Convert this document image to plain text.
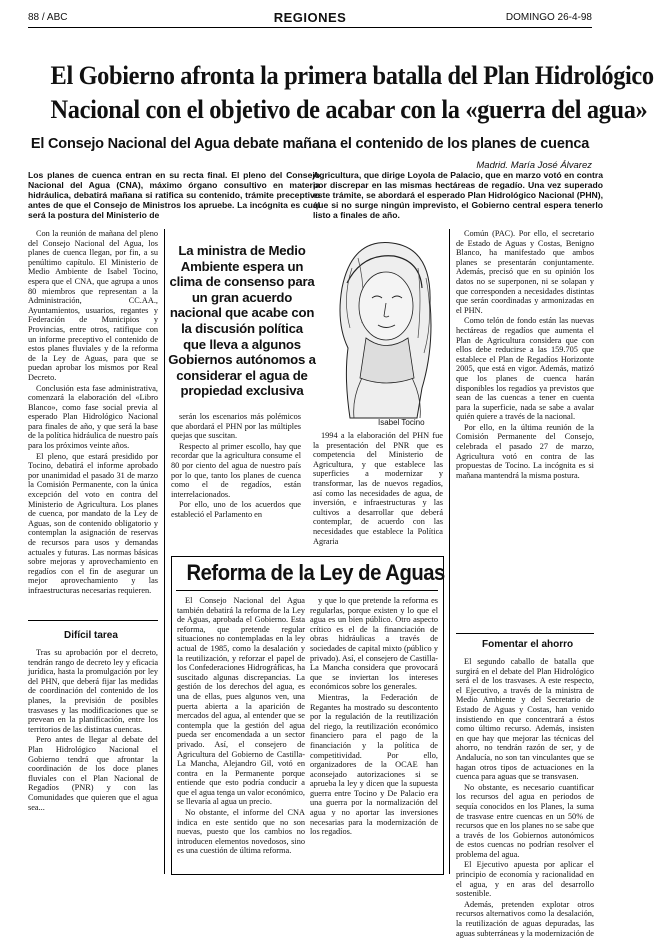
88 / ABC	REGIONES	DOMINGO 26-4-98
El Gobierno afronta la primera batalla del Plan Hidrológico
Nacional con el objetivo de acabar con la «guerra del agua»
El Consejo Nacional del Agua debate mañana el contenido de los planes de cuenca
Madrid. María José Álvarez
Los planes de cuenca entran en su recta final. El pleno del Consejo Nacional del Agua (CNA), máximo órgano consultivo en materia hidráulica, debatirá mañana si ratifica su contenido, trámite preceptivo antes de que el Consejo de Ministros los apruebe. La incógnita es cuál será la postura del Ministerio de
Agricultura, que dirige Loyola de Palacio, que en marzo votó en contra por discrepar en las mismas hectáreas de regadío. Una vez superado este trámite, se abordará el esperado Plan Hidrológico Nacional (PHN), que si no surge ningún imprevisto, el Gobierno central espera tenerlo listo a finales de año.

Con la reunión de mañana del pleno del Consejo Nacional del Agua, los planes de cuenca llegan, por fin, a su penúltimo capítulo. El Ministerio de Medio Ambiente de Isabel Tocino, espera que el CNA, que agrupa a unos 80 miembros que representan a la Administración, CC.AA., Ayuntamientos, usuarios, regantes y Federación de Municipios y Provincias, entre otros, ratifique con un informe preceptivo el contenido de estos planes fluviales y de la reforma de la Ley de Aguas, para que se puedan aprobar los mismos por Real Decreto.

Conclusión esta fase administrativa, comenzará la elaboración del «Libro Blanco», como fase social previa al esperado Plan Hidrológico Nacional para finales de año, y que será la base de la política hidráulica de nuestro país para los próximos veinte años.

El pleno, que estará presidido por Tocino, debatirá el informe aprobado por unanimidad el pasado 31 de marzo la Comisión Permanente, con la única excepción del voto en contra del Ministerio de Agricultura. Los planes de cuenca, por mandato de la Ley de Aguas, son de contenido obligatorio y contemplan la asignación de reservas de recursos para usos y demandas actuales y futuras. Las normas básicas sobre mejoras y aprovechamiento en regadíos con el fin de asegurar un mejor aprovechamiento y las infraestructuras necesarias requieren.

Difícil tarea

Tras su aprobación por el decreto, tendrán rango de decreto ley y eficacia jurídica, hasta la promulgación por ley del PHN, que deberá fijar las medidas de coordinación del contenido de los planes, la previsión de posibles trasvases y las modificaciones que se prevean en la planificación, entre los territorios de las distintas cuencas.

Pero antes de llegar al debate del Plan Hidrológico Nacional el Gobierno tendrá que afrontar la coordinación de los doce planes fluviales con el Plan Nacional de Regadíos (PNR) y con las Comunidades que quieren que el agua sea...

La ministra de Medio Ambiente espera un clima de consenso para un gran acuerdo nacional que acabe con la discusión política que lleva a algunos Gobiernos autónomos a considerar el agua de propiedad exclusiva
Isabel Tocino

serán los escenarios más polémicos que abordará el PHN por las múltiples quejas que suscitan.

Respecto al primer escollo, hay que recordar que la agricultura consume el 80 por ciento del agua de nuestro país por lo que, tanto los planes de cuenca como el de regadíos, están interrelacionados.

Por ello, uno de los acuerdos que estableció el Parlamento en

1994 a la elaboración del PHN fue la presentación del PNR que es competencia del Ministerio de Agricultura, y que establece las superficies a modernizar y transformar, las de nuevos regadíos, así como las necesidades de agua, de inversión, e infraestructuras y las cultivos a desarrollar que deberá contemplar, de acuerdo con las necesidades que establece la Política Agraria

Común (PAC). Por ello, el secretario de Estado de Aguas y Costas, Benigno Blanco, ha manifestado que ambos planes se presentarán conjuntamente. Además, precisó que en su opinión los datos no se superponen, ni se solapan y que corresponden a necesidades distintas que serán coordinadas y armonizadas en el PHN.

Como telón de fondo están las nuevas hectáreas de regadíos que aumenta el Plan de Agricultura considera que con ellos debe reducirse a las 159.705 que establece el Plan de Regadíos Horizonte 2005, que está en vigor. Además, matizó que los planes de cuenca harán disponibles los regadíos ya previstos que sean de las cuencas a tener en cuenta para la superficie, nada se sabe a avalar quién quiere a través de la nacional.

Por ello, en la última reunión de la Comisión Permanente del Consejo, celebrada el pasado 27 de marzo, Agricultura votó en contra de las propuestas de Tocino. La incógnita es si mañana mantendrá la misma postura.

Fomentar el ahorro

El segundo caballo de batalla que surgirá en el debate del Plan Hidrológico será el de los trasvases. A este respecto, el Ejecutivo, a través de la ministra de Medio Ambiente y del Secretario de Estado de Aguas y Costas, han venido insistiendo en que concentrará a éstos como último recurso. Además, insisten en que hay que mejorar las técnicas del ahorro, no tendrán razón de ser, y de Andalucía, no son tan vinculantes que se hagan otros tipos de actuaciones en la cuenca para aguas que se transvasen.

No obstante, es necesario cuantificar los recursos del agua en periodos de sequía conocidos en los Planes, la suma de trasvase entre cuencas en un 50% de recursos que en los planes no se sabe que a través de los Gobiernos autonómicos de estos cuencas no podrían resolver el problema del agua.

El Ejecutivo apuesta por aplicar el principio de economía y racionalidad en el agua, y en aras del desarrollo sostenible.

Además, pretenden explotar otros recursos alternativos como la desalación, la reutilización de aguas depuradas, las aguas subterráneas y la modernización de

Reforma de la Ley de Aguas

El Consejo Nacional del Agua también debatirá la reforma de la Ley de Aguas, aprobada el Gobierno. Esta reforma, que pretende regular situaciones no contempladas en la ley actual de 1985, como la desalación y la reutilización, y reforzar el papel de los Confederaciones Hidrográficas, ha suscitado algunas discrepancias. La gestión de los derechos del agua, es una de ellas, pues algunos ven, una puerta abierta a la aparición de mercados del agua, al entender que se contempla que la gestión del agua pueda ser encomendada a un sector privado. Así, el consejero de Agricultura del Gobierno de Castilla-La Mancha, Alejandro Gil, votó en contra en la Permanente porque entiende que esto podría conducir a que el agua tenga un valor económico, se llevaría al agua un precio.

No obstante, el informe del CNA indica en este sentido que no son nuevas, puesto que los cambios no introducen elementos novedosos, sino es una cuestión de última reforma.

y que lo que pretende la reforma es regularlas, porque existen y lo que el agua es un bien público. Otro aspecto crítico es el de la financiación de obras hidráulicas a través de sociedades de capital mixto (público y privado). Así, el consejero de Castilla-La Mancha considera que provocará que se inviertan los intereses económicos sobre los generales.

Mientras, la Federación de Regantes ha mostrado su descontento por la regulación de la reutilización del riego, la reutilización económico financiero para el pago de la financiación y la política de competitividad. Por ello, organizadores de la OCAE han aconsejado autorizaciones si se aprueba la ley y dicen que la supuesta guerra entre Tocino y De Palacio era una guerra por la normalización del agua y no aportar las inversiones necesarias para la modernización de los regadíos.
